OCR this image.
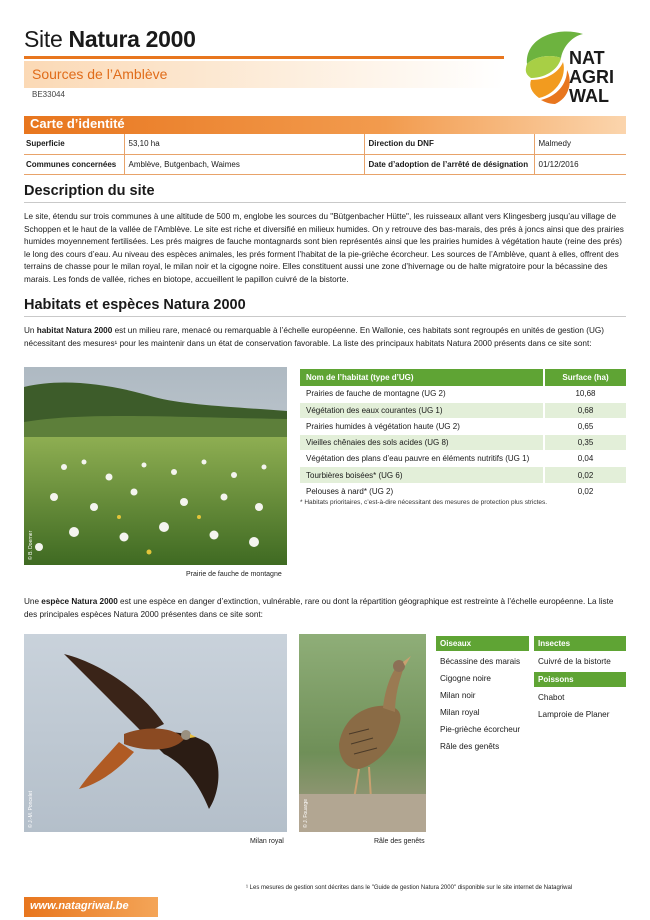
Site Natura 2000
Sources de l’Amblève
BE33044
NAT
AGRI
WAL
Carte d’identité
Superficie	53,10 ha	Direction du DNF	Malmedy
Communes concernées	Amblève, Butgenbach, Waimes	Date d’adoption de l’arrêté de désignation	01/12/2016
Description du site
Le site, étendu sur trois communes à une altitude de 500 m, englobe les sources du "Bütgenbacher Hütte", les ruisseaux allant vers Klingesberg jusqu’au village de Schoppen et le haut de la vallée de l’Amblève. Le site est riche et diversifié en milieux humides. On y retrouve des bas-marais, des prés à joncs ainsi que des prairies humides moyennement fertilisées. Les prés maigres de fauche montagnards sont bien représentés ainsi que les prairies humides à végétation haute (reine des prés) le long des cours d’eau. Au niveau des espèces animales, les prés forment l’habitat de la pie-grièche écorcheur. Les sources de l’Amblève, quant à elles, offrent des terrains de chasse pour le milan royal, le milan noir et la cigogne noire. Elles constituent aussi une zone d’hivernage ou de halte migratoire pour la bécassine des marais. Les fonds de vallée, riches en biotope, accueillent le papillon cuivré de la bistorte.
Habitats et espèces Natura 2000
Un habitat Natura 2000 est un milieu rare, menacé ou remarquable à l’échelle européenne. En Wallonie, ces habitats sont regroupés en unités de gestion (UG) nécessitant des mesures¹ pour les maintenir dans un état de conservation favorable. La liste des principaux habitats Natura 2000 présents dans ce site sont:
© B. Doerner
Prairie de fauche de montagne
Nom de l’habitat (type d’UG)	Surface (ha)
Prairies de fauche de montagne (UG 2)	10,68
Végétation des eaux courantes (UG 1)	0,68
Prairies humides à végétation haute (UG 2)	0,65
Vieilles chênaies des sols acides (UG 8)	0,35
Végétation des plans d’eau pauvre en éléments nutritifs (UG 1)	0,04
Tourbières boisées* (UG 6)	0,02
Pelouses à nard* (UG 2)	0,02
* Habitats prioritaires, c’est-à-dire nécessitant des mesures de protection plus strictes.
Une espèce Natura 2000 est une espèce en danger d’extinction, vulnérable, rare ou dont la répartition géographique est restreinte à l’échelle européenne. La liste des principales espèces Natura 2000 présentes dans ce site sont:
© J.-M. Poncelet
Milan royal
© J. Fouarge
Râle des genêts
Oiseaux
Bécassine des marais
Cigogne noire
Milan noir
Milan royal
Pie-grièche écorcheur
Râle des genêts
Insectes
Cuivré de la bistorte
Poissons
Chabot
Lamproie de Planer
¹ Les mesures de gestion sont décrites dans le "Guide de gestion Natura 2000" disponible sur le site internet de Natagriwal
www.natagriwal.be
